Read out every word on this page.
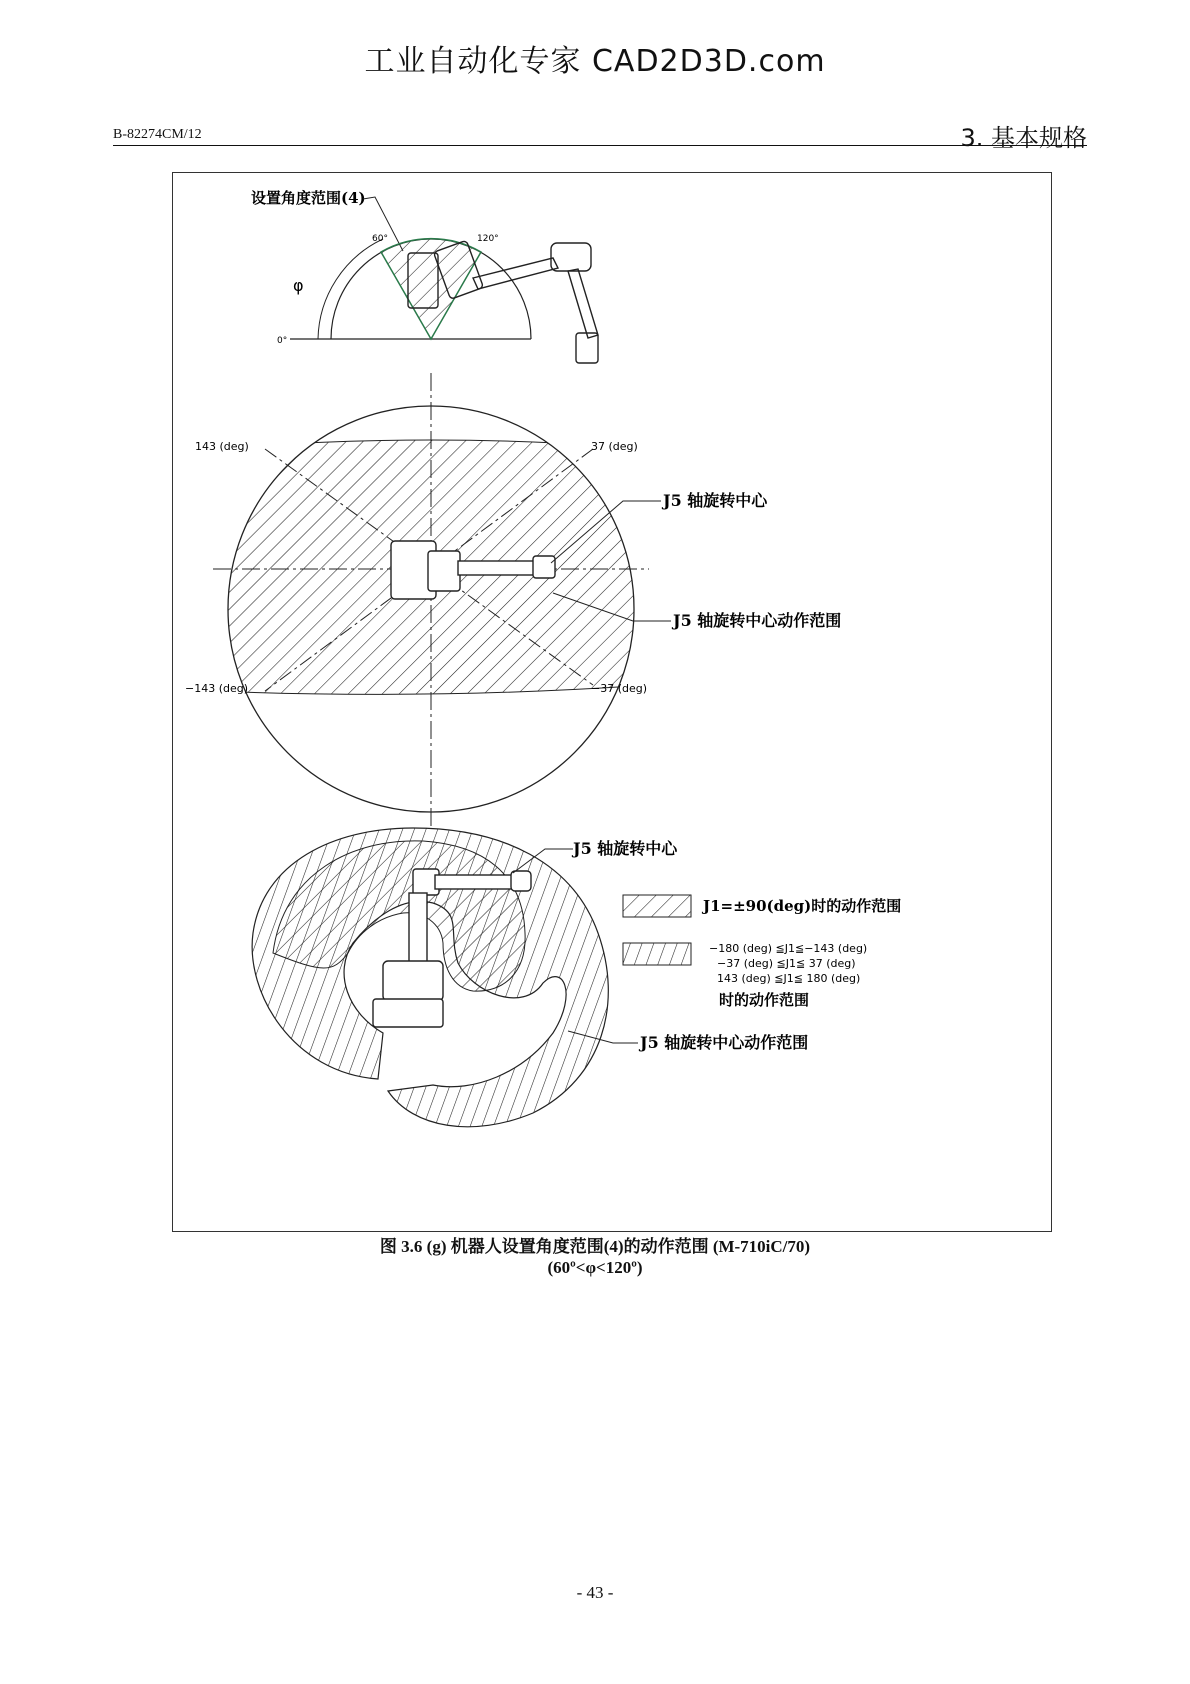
工业自动化专家 CAD2D3D.com
B-82274CM/12	3. 基本规格
设置角度范围(4)
60°	120°
0°
φ
143 (deg)	37 (deg)
−143 (deg)	−37 (deg)
J5 轴旋转中心
J5 轴旋转中心动作范围
J5 轴旋转中心
J5 轴旋转中心动作范围
J1=±90(deg)时的动作范围
−180 (deg) ≦J1≦−143 (deg)
−37 (deg) ≦J1≦ 37 (deg)
143 (deg) ≦J1≦ 180 (deg)
时的动作范围
图 3.6 (g) 机器人设置角度范围(4)的动作范围 (M-710iC/70)
(60º<φ<120º)
- 43 -
